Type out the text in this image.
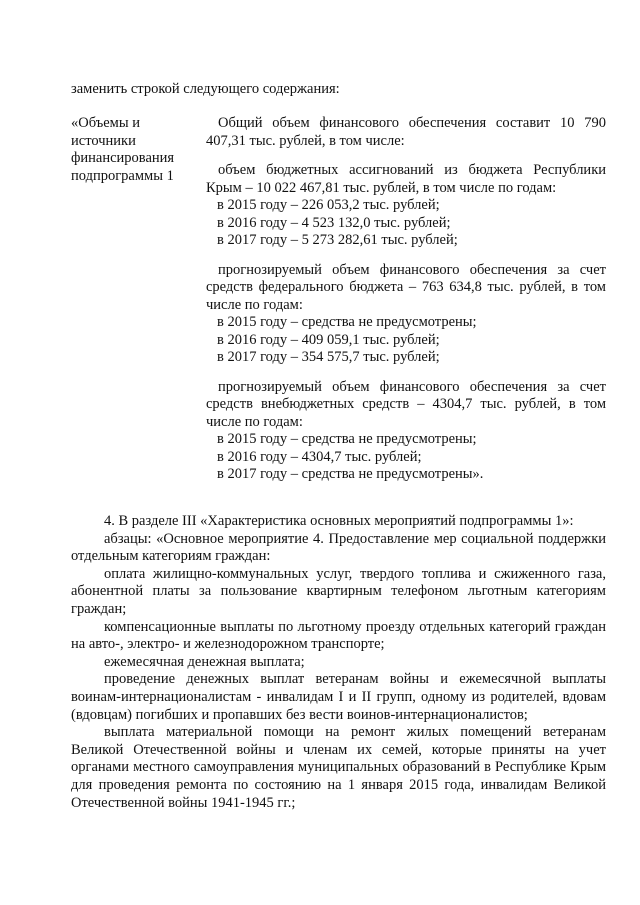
заменить строкой следующего содержания:
«Объемы и
источники
финансирования
подпрограммы 1

Общий объем финансового обеспечения составит 10 790 407,31 тыс. рублей, в том числе:

объем бюджетных ассигнований из бюджета Республики Крым – 10 022 467,81 тыс. рублей, в том числе по годам:

в 2015 году – 226 053,2 тыс. рублей;

в 2016 году – 4 523 132,0 тыс. рублей;

в 2017 году – 5 273 282,61 тыс. рублей;

прогнозируемый объем финансового обеспечения за счет средств федерального бюджета – 763 634,8 тыс. рублей, в том числе по годам:

в 2015 году – средства не предусмотрены;

в 2016 году – 409 059,1 тыс. рублей;

в 2017 году – 354 575,7 тыс. рублей;

прогнозируемый объем финансового обеспечения за счет средств внебюджетных средств – 4304,7 тыс. рублей, в том числе по годам:

в 2015 году – средства не предусмотрены;

в 2016 году – 4304,7 тыс. рублей;

в 2017 году – средства не предусмотрены».

4. В разделе III «Характеристика основных мероприятий подпрограммы 1»:

абзацы: «Основное мероприятие 4. Предоставление мер социальной поддержки отдельным категориям граждан:

оплата жилищно-коммунальных услуг, твердого топлива и сжиженного газа, абонентной платы за пользование квартирным телефоном льготным категориям граждан;

компенсационные выплаты по льготному проезду отдельных категорий граждан на авто-, электро- и железнодорожном транспорте;

ежемесячная денежная выплата;

проведение денежных выплат ветеранам войны и ежемесячной выплаты воинам-интернационалистам - инвалидам I и II групп, одному из родителей, вдовам (вдовцам) погибших и пропавших без вести воинов-интернационалистов;

выплата материальной помощи на ремонт жилых помещений ветеранам Великой Отечественной войны и членам их семей, которые приняты на учет органами местного самоуправления муниципальных образований в Республике Крым для проведения ремонта по состоянию на 1 января 2015 года, инвалидам Великой Отечественной войны 1941-1945 гг.;
